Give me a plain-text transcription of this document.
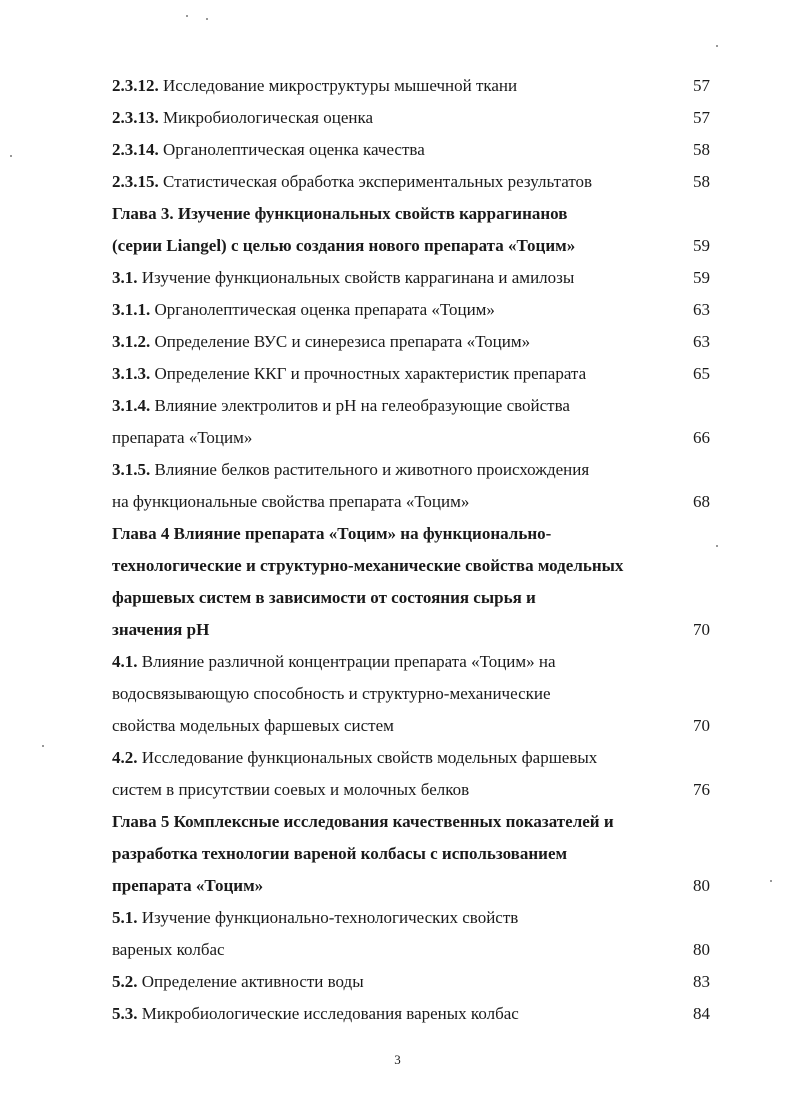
2.3.12. Исследование микроструктуры мышечной ткани	57
2.3.13. Микробиологическая оценка	57
2.3.14. Органолептическая оценка качества	58
2.3.15. Статистическая обработка экспериментальных результатов	58
Глава 3. Изучение функциональных свойств каррагинанов
(серии Liangel) с целью создания нового препарата «Тоцим»	59
3.1. Изучение функциональных свойств каррагинана и амилозы	59
3.1.1. Органолептическая оценка препарата «Тоцим»	63
3.1.2. Определение ВУС и синерезиса препарата «Тоцим»	63
3.1.3. Определение ККГ и прочностных характеристик препарата	65
3.1.4. Влияние электролитов и pH на гелеобразующие свойства
препарата «Тоцим»	66
3.1.5. Влияние белков растительного и животного происхождения
на функциональные свойства препарата «Тоцим»	68
Глава 4 Влияние препарата «Тоцим» на функционально-
технологические и структурно-механические свойства модельных
фаршевых систем в зависимости от состояния сырья и
значения pH	70
4.1. Влияние различной концентрации препарата «Тоцим» на
водосвязывающую способность и структурно-механические
свойства модельных фаршевых систем	70
4.2. Исследование функциональных свойств модельных фаршевых
систем в присутствии соевых и молочных белков	76
Глава 5 Комплексные исследования качественных показателей и
разработка технологии вареной колбасы с использованием
препарата «Тоцим»	80
5.1. Изучение функционально-технологических свойств
вареных колбас	80
5.2. Определение активности воды	83
5.3. Микробиологические исследования вареных колбас	84
3
